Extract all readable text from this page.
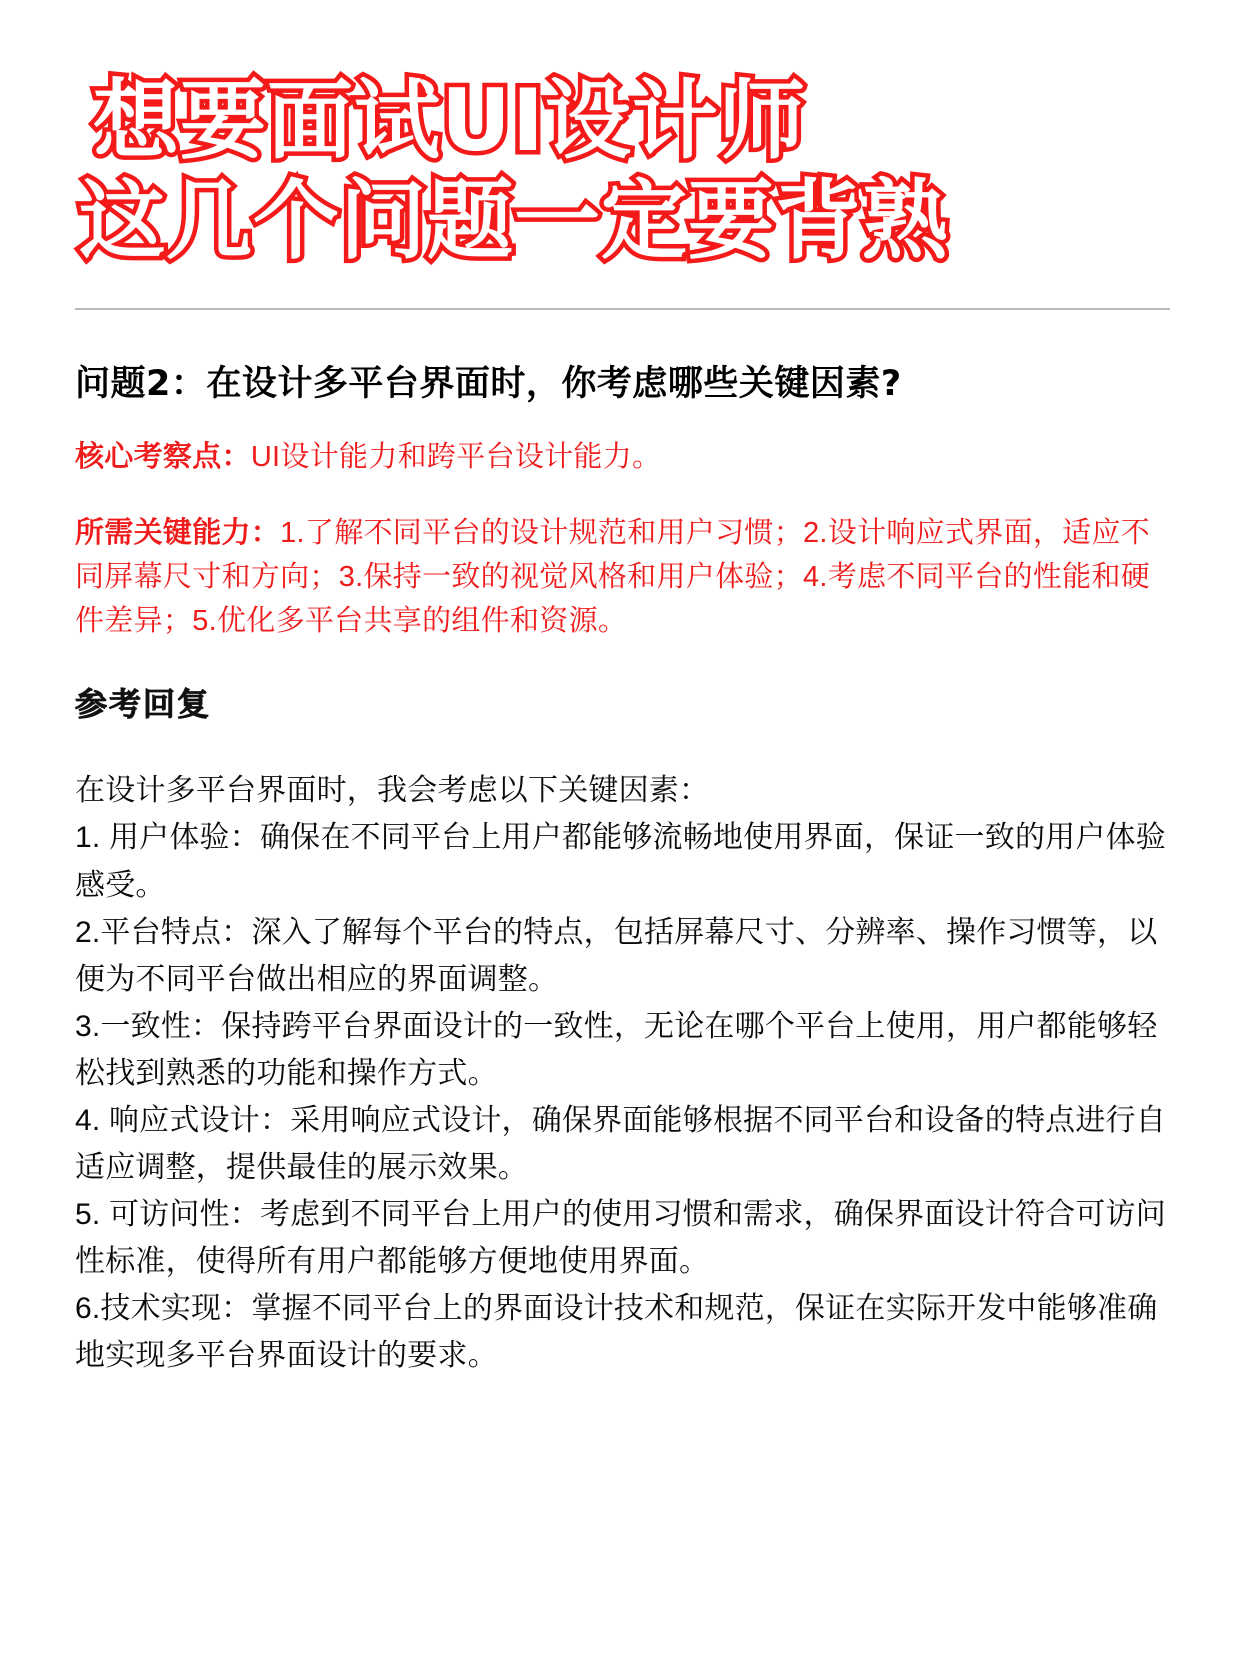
想要面试UI设计师
这几个问题一定要背熟
问题2：在设计多平台界面时，你考虑哪些关键因素?
核心考察点：UI设计能力和跨平台设计能力。
所需关键能力：1.了解不同平台的设计规范和用户习惯；2.设计响应式界面，适应不同屏幕尺寸和方向；3.保持一致的视觉风格和用户体验；4.考虑不同平台的性能和硬件差异；5.优化多平台共享的组件和资源。
参考回复

在设计多平台界面时，我会考虑以下关键因素：

1. 用户体验：确保在不同平台上用户都能够流畅地使用界面，保证一致的用户体验感受。

2.平台特点：深入了解每个平台的特点，包括屏幕尺寸、分辨率、操作习惯等，以便为不同平台做出相应的界面调整。

3.一致性：保持跨平台界面设计的一致性，无论在哪个平台上使用，用户都能够轻松找到熟悉的功能和操作方式。

4. 响应式设计：采用响应式设计，确保界面能够根据不同平台和设备的特点进行自适应调整，提供最佳的展示效果。

5. 可访问性：考虑到不同平台上用户的使用习惯和需求，确保界面设计符合可访问性标准，使得所有用户都能够方便地使用界面。

6.技术实现：掌握不同平台上的界面设计技术和规范，保证在实际开发中能够准确地实现多平台界面设计的要求。
